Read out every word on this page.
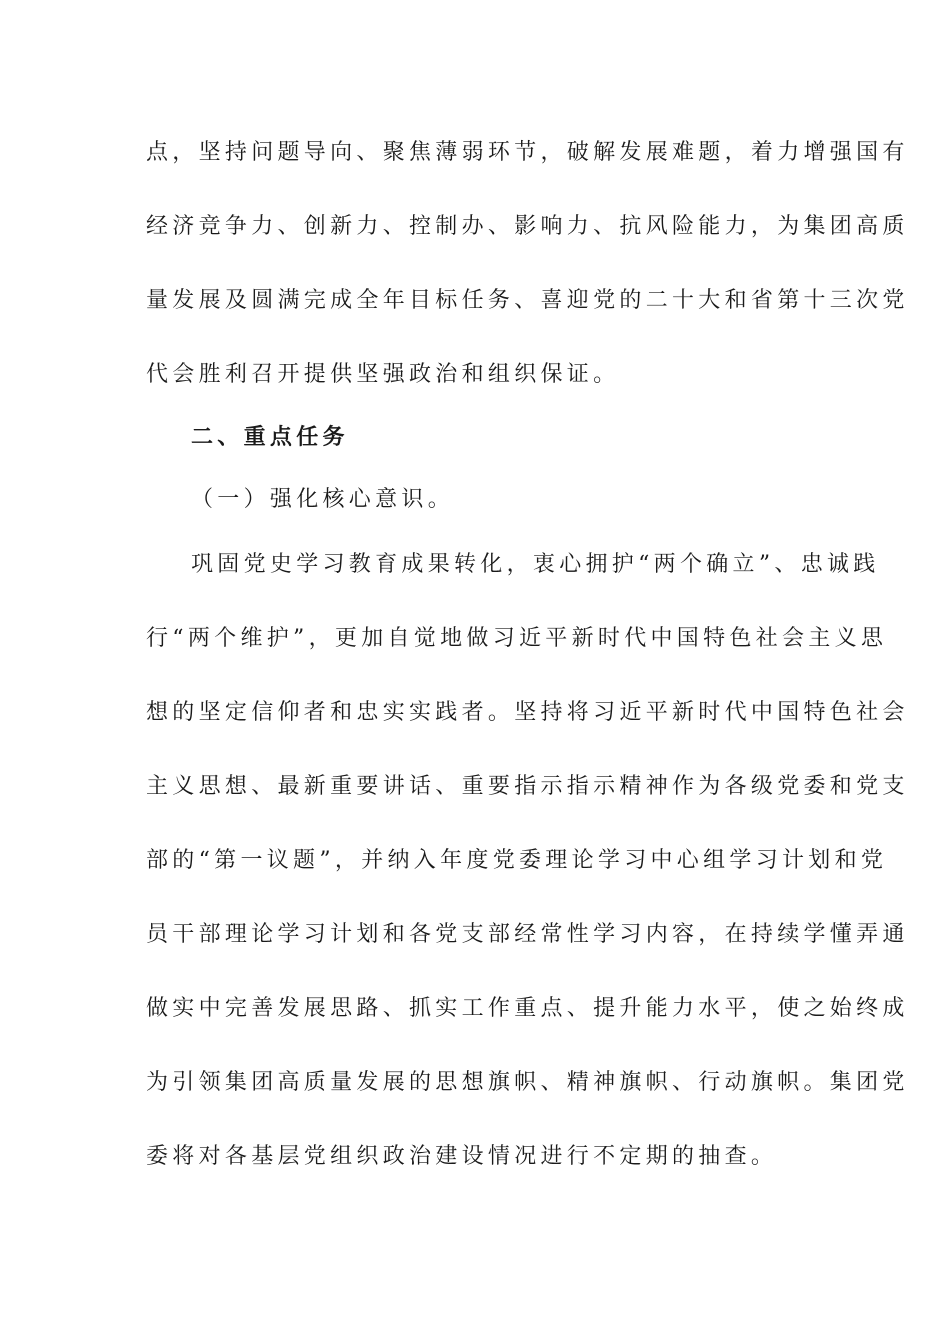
点，坚持问题导向、聚焦薄弱环节，破解发展难题，着力增强国有
经济竞争力、创新力、控制办、影响力、抗风险能力，为集团高质
量发展及圆满完成全年目标任务、喜迎党的二十大和省第十三次党
代会胜利召开提供坚强政治和组织保证。
二、重点任务
（一）强化核心意识。
巩固党史学习教育成果转化，衷心拥护“两个确立”、忠诚践
行“两个维护”，更加自觉地做习近平新时代中国特色社会主义思
想的坚定信仰者和忠实实践者。坚持将习近平新时代中国特色社会
主义思想、最新重要讲话、重要指示指示精神作为各级党委和党支
部的“第一议题”，并纳入年度党委理论学习中心组学习计划和党
员干部理论学习计划和各党支部经常性学习内容，在持续学懂弄通
做实中完善发展思路、抓实工作重点、提升能力水平，使之始终成
为引领集团高质量发展的思想旗帜、精神旗帜、行动旗帜。集团党
委将对各基层党组织政治建设情况进行不定期的抽查。
